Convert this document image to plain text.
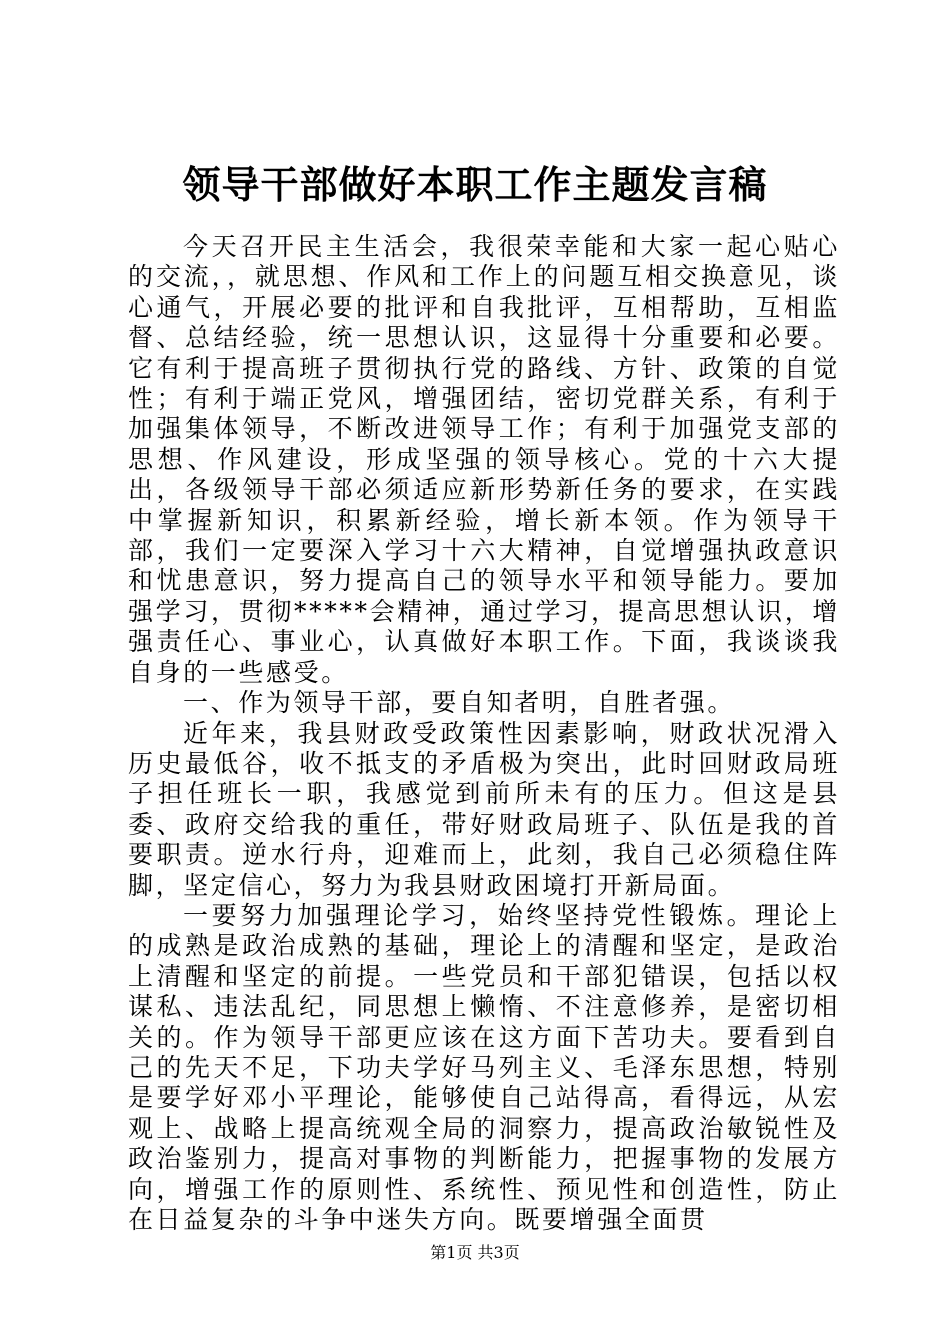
领导干部做好本职工作主题发言稿

今天召开民主生活会，我很荣幸能和大家一起心贴心的交流，，就思想、作风和工作上的问题互相交换意见，谈心通气，开展必要的批评和自我批评，互相帮助，互相监督、总结经验，统一思想认识，这显得十分重要和必要。它有利于提高班子贯彻执行党的路线、方针、政策的自觉性；有利于端正党风，增强团结，密切党群关系，有利于加强集体领导，不断改进领导工作；有利于加强党支部的思想、作风建设，形成坚强的领导核心。党的十六大提出，各级领导干部必须适应新形势新任务的要求，在实践中掌握新知识，积累新经验，增长新本领。作为领导干部，我们一定要深入学习十六大精神，自觉增强执政意识和忧患意识，努力提高自己的领导水平和领导能力。要加强学习，贯彻*****会精神，通过学习，提高思想认识，增强责任心、事业心，认真做好本职工作。下面，我谈谈我自身的一些感受。

一、作为领导干部，要自知者明，自胜者强。

近年来，我县财政受政策性因素影响，财政状况滑入历史最低谷，收不抵支的矛盾极为突出，此时回财政局班子担任班长一职，我感觉到前所未有的压力。但这是县委、政府交给我的重任，带好财政局班子、队伍是我的首要职责。逆水行舟，迎难而上，此刻，我自己必须稳住阵脚，坚定信心，努力为我县财政困境打开新局面。

一要努力加强理论学习，始终坚持党性锻炼。理论上的成熟是政治成熟的基础，理论上的清醒和坚定，是政治上清醒和坚定的前提。一些党员和干部犯错误，包括以权谋私、违法乱纪，同思想上懒惰、不注意修养，是密切相关的。作为领导干部更应该在这方面下苦功夫。要看到自己的先天不足，下功夫学好马列主义、毛泽东思想，特别是要学好邓小平理论，能够使自己站得高，看得远，从宏观上、战略上提高统观全局的洞察力，提高政治敏锐性及政治鉴别力，提高对事物的判断能力，把握事物的发展方向，增强工作的原则性、系统性、预见性和创造性，防止在日益复杂的斗争中迷失方向。既要增强全面贯

第1页 共3页
